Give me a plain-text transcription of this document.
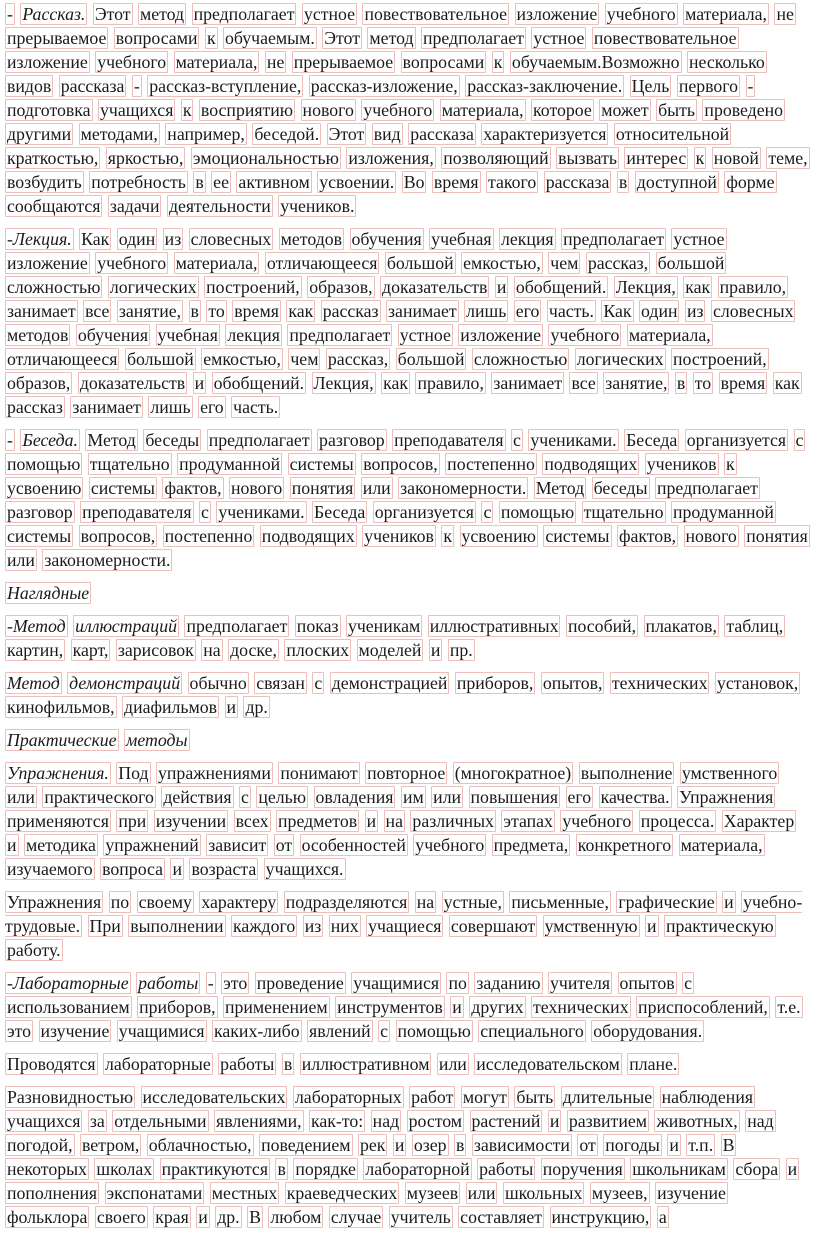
- Рассказ. Этот метод предполагает устное повествовательное изложение учебного материала, не прерываемое вопросами к обучаемым. Этот метод предполагает устное повествовательное изложение учебного материала, не прерываемое вопросами к обучаемым.Возможно несколько видов рассказа - рассказ-вступление, рассказ-изложение, рассказ-заключение. Цель первого - подготовка учащихся к восприятию нового учебного материала, которое может быть проведено другими методами, например, беседой. Этот вид рассказа характеризуется относительной краткостью, яркостью, эмоциональностью изложения, позволяющий вызвать интерес к новой теме, возбудить потребность в ее активном усвоении. Во время такого рассказа в доступной форме сообщаются задачи деятельности учеников.

-Лекция. Как один из словесных методов обучения учебная лекция предполагает устное изложение учебного материала, отличающееся большой емкостью, чем рассказ, большой сложностью логических построений, образов, доказательств и обобщений. Лекция, как правило, занимает все занятие, в то время как рассказ занимает лишь его часть. Как один из словесных методов обучения учебная лекция предполагает устное изложение учебного материала, отличающееся большой емкостью, чем рассказ, большой сложностью логических построений, образов, доказательств и обобщений. Лекция, как правило, занимает все занятие, в то время как рассказ занимает лишь его часть.

- Беседа. Метод беседы предполагает разговор преподавателя с учениками. Беседа организуется с помощью тщательно продуманной системы вопросов, постепенно подводящих учеников к усвоению системы фактов, нового понятия или закономерности. Метод беседы предполагает разговор преподавателя с учениками. Беседа организуется с помощью тщательно продуманной системы вопросов, постепенно подводящих учеников к усвоению системы фактов, нового понятия или закономерности.

Наглядные

-Метод иллюстраций предполагает показ ученикам иллюстративных пособий, плакатов, таблиц, картин, карт, зарисовок на доске, плоских моделей и пр.

Метод демонстраций обычно связан с демонстрацией приборов, опытов, технических установок, кинофильмов, диафильмов и др.

Практические методы

Упражнения. Под упражнениями понимают повторное (многократное) выполнение умственного или практического действия с целью овладения им или повышения его качества. Упражнения применяются при изучении всех предметов и на различных этапах учебного процесса. Характер и методика упражнений зависит от особенностей учебного предмета, конкретного материала, изучаемого вопроса и возраста учащихся.

Упражнения по своему характеру подразделяются на устные, письменные, графические и учебно-трудовые. При выполнении каждого из них учащиеся совершают умственную и практическую работу.

-Лабораторные работы - это проведение учащимися по заданию учителя опытов с использованием приборов, применением инструментов и других технических приспособлений, т.е. это изучение учащимися каких-либо явлений с помощью специального оборудования.

Проводятся лабораторные работы в иллюстративном или исследовательском плане.

Разновидностью исследовательских лабораторных работ могут быть длительные наблюдения учащихся за отдельными явлениями, как-то: над ростом растений и развитием животных, над погодой, ветром, облачностью, поведением рек и озер в зависимости от погоды и т.п. В некоторых школах практикуются в порядке лабораторной работы поручения школьникам сбора и пополнения экспонатами местных краеведческих музеев или школьных музеев, изучение фольклора своего края и др. В любом случае учитель составляет инструкцию, а
